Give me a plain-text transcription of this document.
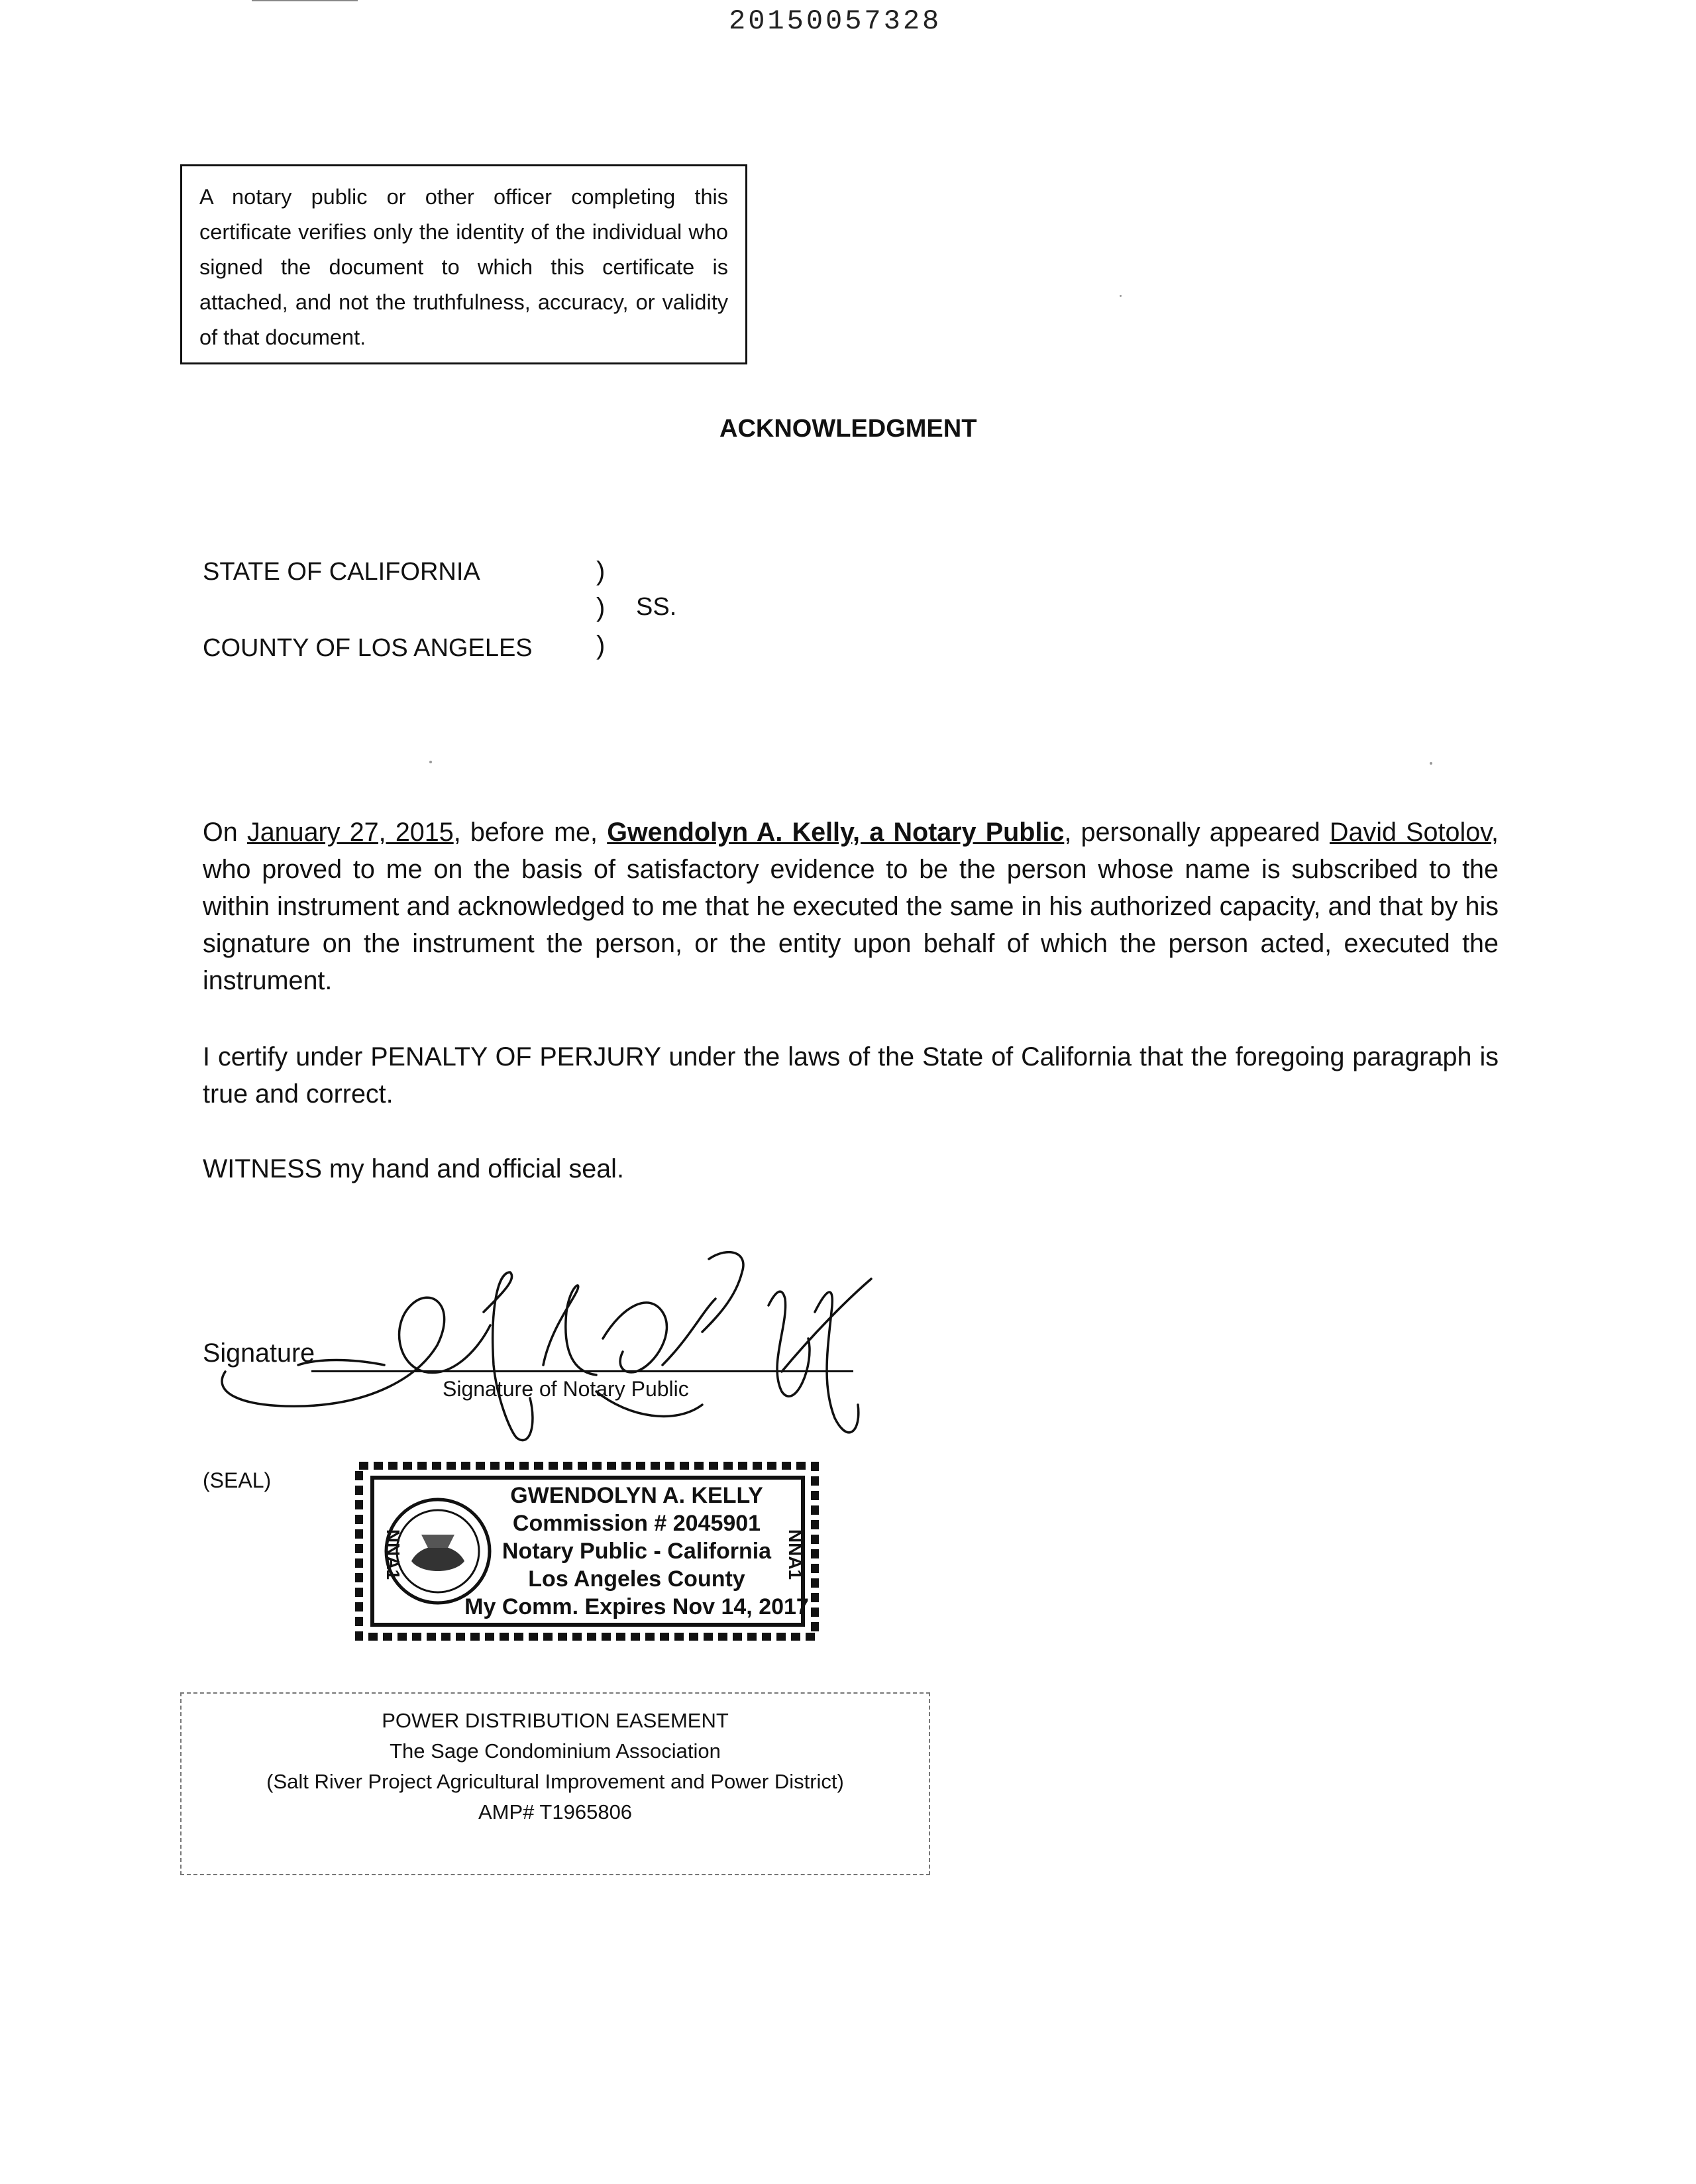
20150057328
A notary public or other officer completing this certificate verifies only the identity of the individual who signed the document to which this certificate is attached, and not the truthfulness, accuracy, or validity of that document.
ACKNOWLEDGMENT
STATE OF CALIFORNIA
COUNTY OF LOS ANGELES
)
) SS.
)
On January 27, 2015, before me, Gwendolyn A. Kelly, a Notary Public, personally appeared David Sotolov, who proved to me on the basis of satisfactory evidence to be the person whose name is subscribed to the within instrument and acknowledged to me that he executed the same in his authorized capacity, and that by his signature on the instrument the person, or the entity upon behalf of which the person acted, executed the instrument.
I certify under PENALTY OF PERJURY under the laws of the State of California that the foregoing paragraph is true and correct.
WITNESS my hand and official seal.
Signature
Signature of Notary Public
(SEAL)
NNA1	NNA1
GWENDOLYN A. KELLY
Commission # 2045901
Notary Public - California
Los Angeles County
My Comm. Expires Nov 14, 2017
POWER DISTRIBUTION EASEMENT
The Sage Condominium Association
(Salt River Project Agricultural Improvement and Power District)
AMP# T1965806
